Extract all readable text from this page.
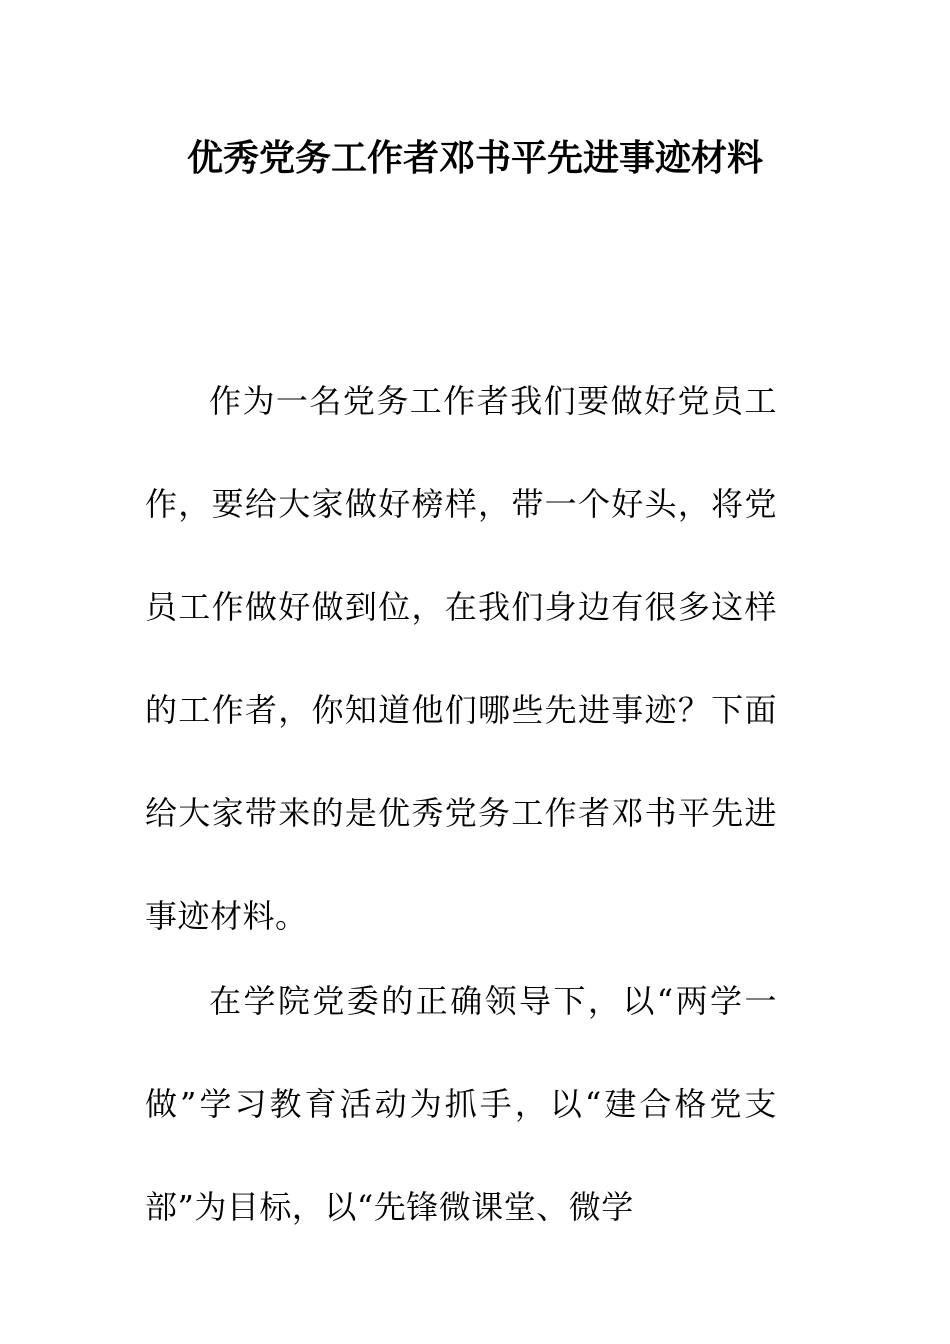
优秀党务工作者邓书平先进事迹材料

作为一名党务工作者我们要做好党员工作，要给大家做好榜样，带一个好头，将党员工作做好做到位，在我们身边有很多这样的工作者，你知道他们哪些先进事迹？下面给大家带来的是优秀党务工作者邓书平先进事迹材料。

在学院党委的正确领导下，以“两学一做”学习教育活动为抓手，以“建合格党支部”为目标，以“先锋微课堂、微学
